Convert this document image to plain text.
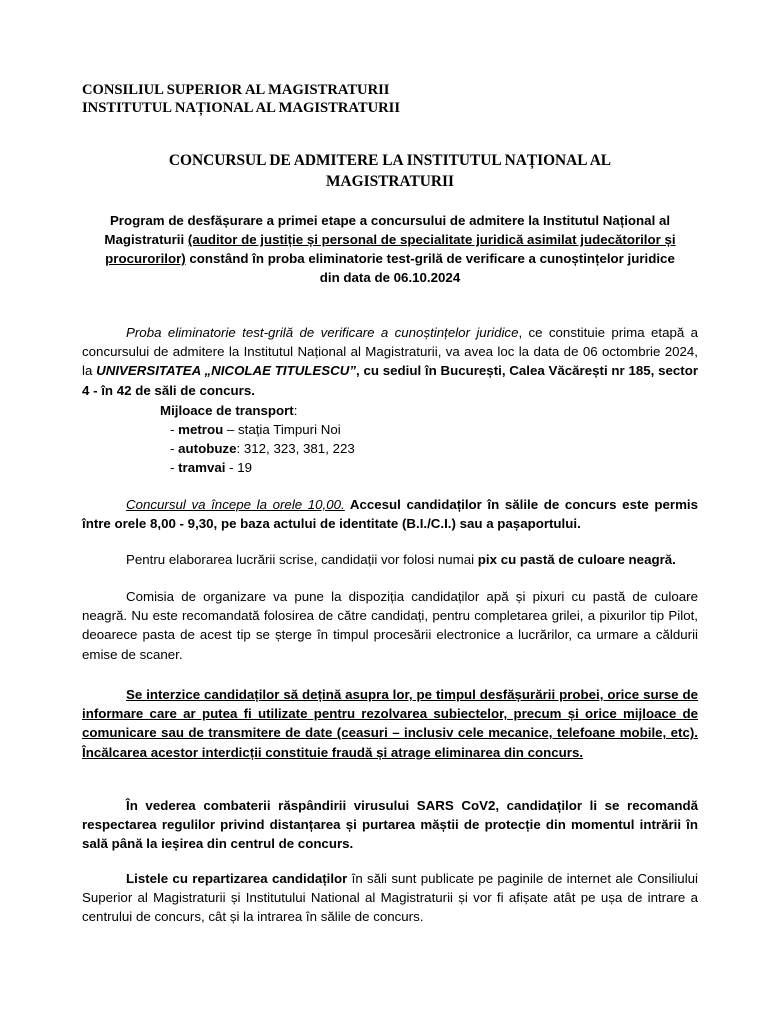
CONSILIUL SUPERIOR AL MAGISTRATURII
INSTITUTUL NAȚIONAL AL MAGISTRATURII
CONCURSUL DE ADMITERE LA INSTITUTUL NAȚIONAL AL
MAGISTRATURII
Program de desfășurare a primei etape a concursului de admitere la Institutul Național al Magistraturii (auditor de justiție și personal de specialitate juridică asimilat judecătorilor și procurorilor) constând în proba eliminatorie test-grilă de verificare a cunoștințelor juridice
din data de 06.10.2024
Proba eliminatorie test-grilă de verificare a cunoștințelor juridice, ce constituie prima etapă a concursului de admitere la Institutul Național al Magistraturii, va avea loc la data de 06 octombrie 2024, la UNIVERSITATEA „NICOLAE TITULESCU”, cu sediul în București, Calea Văcărești nr 185, sector 4 - în 42 de săli de concurs.
Mijloace de transport:
- metrou – stația Timpuri Noi
- autobuze: 312, 323, 381, 223
- tramvai - 19
Concursul va începe la orele 10,00. Accesul candidaților în sălile de concurs este permis între orele 8,00 - 9,30, pe baza actului de identitate (B.I./C.I.) sau a pașaportului.
Pentru elaborarea lucrării scrise, candidații vor folosi numai pix cu pastă de culoare neagră.
Comisia de organizare va pune la dispoziția candidaților apă și pixuri cu pastă de culoare neagră. Nu este recomandată folosirea de către candidați, pentru completarea grilei, a pixurilor tip Pilot, deoarece pasta de acest tip se șterge în timpul procesării electronice a lucrărilor, ca urmare a căldurii emise de scaner.
Se interzice candidaților să dețină asupra lor, pe timpul desfășurării probei, orice surse de informare care ar putea fi utilizate pentru rezolvarea subiectelor, precum și orice mijloace de comunicare sau de transmitere de date (ceasuri – inclusiv cele mecanice, telefoane mobile, etc). Încălcarea acestor interdicții constituie fraudă și atrage eliminarea din concurs.
În vederea combaterii răspândirii virusului SARS CoV2, candidaților li se recomandă respectarea regulilor privind distanțarea și purtarea măștii de protecție din momentul intrării în sală până la ieșirea din centrul de concurs.
Listele cu repartizarea candidaților în săli sunt publicate pe paginile de internet ale Consiliului Superior al Magistraturii și Institutului National al Magistraturii și vor fi afișate atât pe ușa de intrare a centrului de concurs, cât și la intrarea în sălile de concurs.
